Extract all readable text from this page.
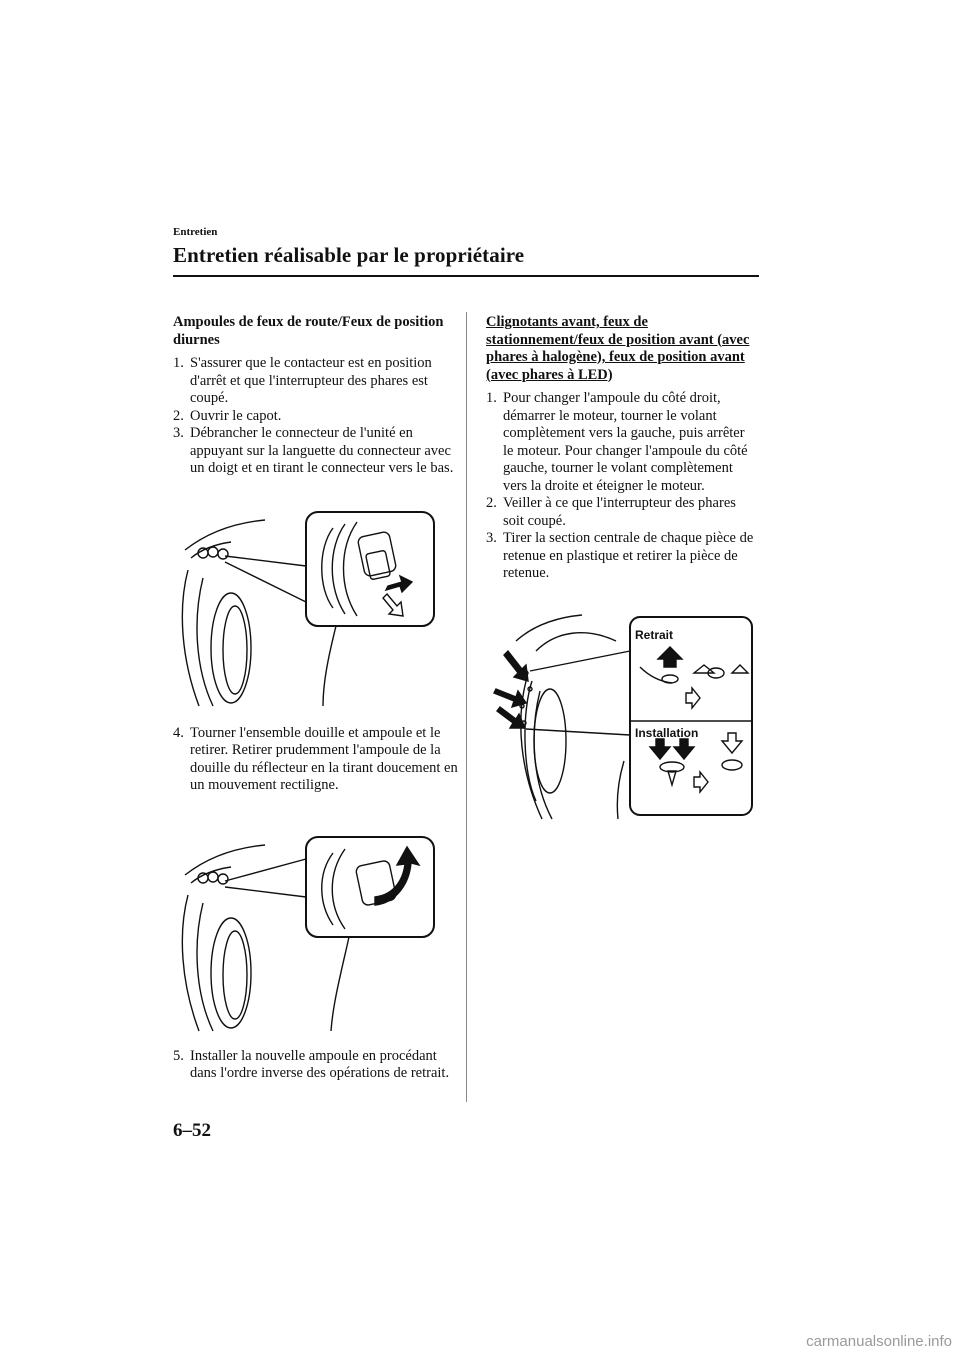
Entretien
Entretien réalisable par le propriétaire
Ampoules de feux de route/Feux de position diurnes
1. S'assurer que le contacteur est en position d'arrêt et que l'interrupteur des phares est coupé.
2. Ouvrir le capot.
3. Débrancher le connecteur de l'unité en appuyant sur la languette du connecteur avec un doigt et en tirant le connecteur vers le bas.
4. Tourner l'ensemble douille et ampoule et le retirer. Retirer prudemment l'ampoule de la douille du réflecteur en la tirant doucement en un mouvement rectiligne.
5. Installer la nouvelle ampoule en procédant dans l'ordre inverse des opérations de retrait.
Clignotants avant, feux de stationnement/feux de position avant (avec phares à halogène), feux de position avant (avec phares à LED)
1. Pour changer l'ampoule du côté droit, démarrer le moteur, tourner le volant complètement vers la gauche, puis arrêter le moteur. Pour changer l'ampoule du côté gauche, tourner le volant complètement vers la droite et éteigner le moteur.
2. Veiller à ce que l'interrupteur des phares soit coupé.
3. Tirer la section centrale de chaque pièce de retenue en plastique et retirer la pièce de retenue.
Retrait
Installation
6–52
carmanualsonline.info
